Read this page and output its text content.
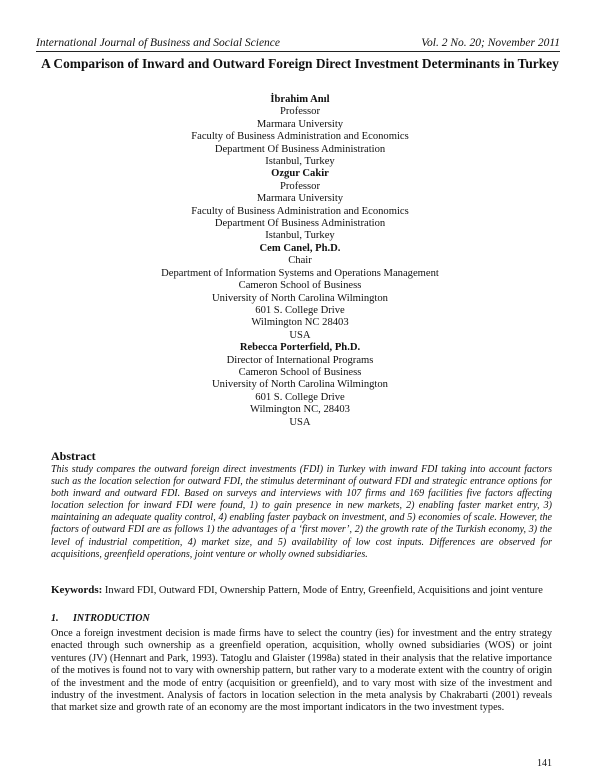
International Journal of Business and Social Science	Vol. 2 No. 20; November 2011
A Comparison of Inward and Outward Foreign Direct Investment Determinants in Turkey
İbrahim Anıl
Professor
Marmara University
Faculty of Business Administration and Economics
Department Of Business Administration
Istanbul, Turkey
Ozgur Cakir
Professor
Marmara University
Faculty of Business Administration and Economics
Department Of Business Administration
Istanbul, Turkey
Cem Canel, Ph.D.
Chair
Department of Information Systems and Operations Management
Cameron School of Business
University of North Carolina Wilmington
601 S. College Drive
Wilmington NC 28403
USA
Rebecca Porterfield, Ph.D.
Director of International Programs
Cameron School of Business
University of North Carolina Wilmington
601 S. College Drive
Wilmington NC, 28403
USA
Abstract
This study compares the outward foreign direct investments (FDI) in Turkey with inward FDI taking into account factors such as the location selection for outward FDI, the stimulus determinant of outward FDI and strategic entrance options for both inward and outward FDI. Based on surveys and interviews with 107 firms and 169 facilities five factors affecting location selection for inward FDI were found, 1) to gain presence in new markets, 2) enabling faster market entry, 3) maintaining an adequate quality control, 4) enabling faster payback on investment, and 5) economies of scale. However, the factors of outward FDI are as follows 1) the advantages of a ‘first mover’, 2) the growth rate of the Turkish economy, 3) the level of industrial competition, 4) market size, and 5) availability of low cost inputs. Differences are observed for acquisitions, greenfield operations, joint venture or wholly owned subsidiaries.
Keywords: Inward FDI, Outward FDI, Ownership Pattern, Mode of Entry, Greenfield, Acquisitions and joint venture
1. INTRODUCTION
Once a foreign investment decision is made firms have to select the country (ies) for investment and the entry strategy enacted through such ownership as a greenfield operation, acquisition, wholly owned subsidiaries (WOS) or joint ventures (JV) (Hennart and Park, 1993). Tatoglu and Glaister (1998a) stated in their analysis that the relative importance of the motives is found not to vary with ownership pattern, but rather vary to a moderate extent with the country of origin of the investment and the mode of entry (acquisition or greenfield), and to vary most with size of the investment and industry of the investment. Analysis of factors in location selection in the meta analysis by Chakrabarti (2001) reveals that market size and growth rate of an economy are the most important indicators in the two investment types.
141
